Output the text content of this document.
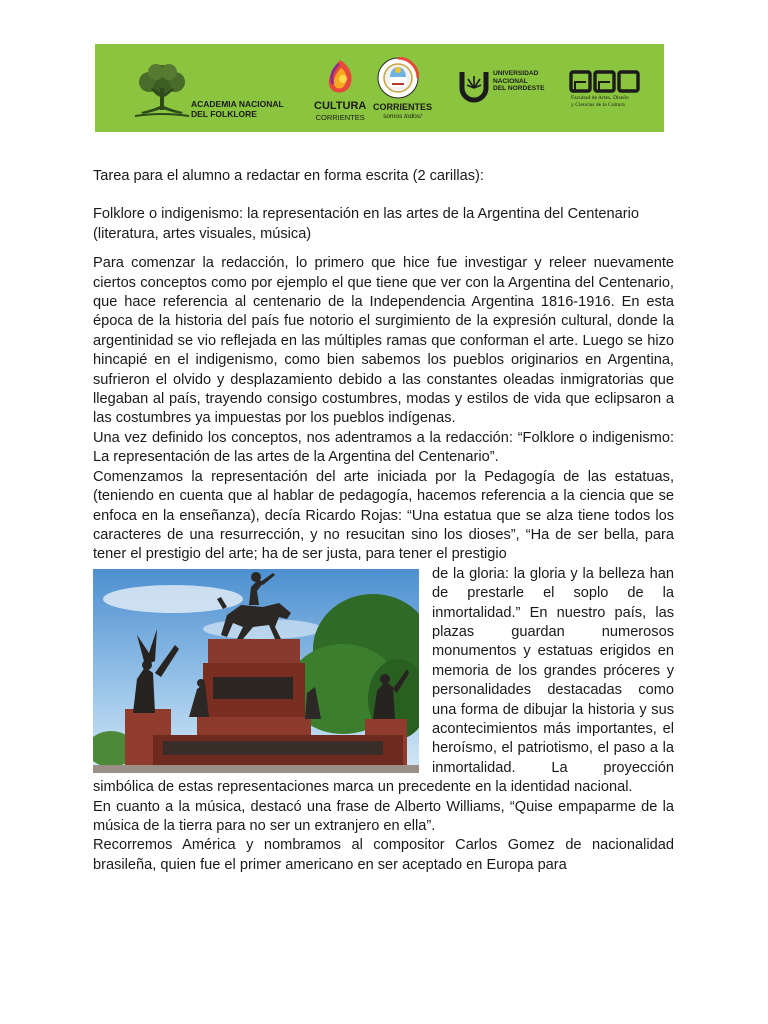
ACADEMIA NACIONAL
DEL FOLKLORE
CULTURA
CORRIENTES
CORRIENTES
somos todos!
UNIVERSIDAD
NACIONAL
DEL NORDESTE
Facultad de Artes, Diseño
y Ciencias de la Cultura

Tarea para el alumno a redactar en forma escrita (2 carillas):

Folklore o indigenismo: la representación en las artes de la Argentina del Centenario (literatura, artes visuales, música)

Para comenzar la redacción, lo primero que hice fue investigar y releer nuevamente ciertos conceptos como por ejemplo el que tiene que ver con la Argentina del Centenario, que hace referencia al centenario de la Independencia Argentina 1816-1916. En esta época de la historia del país fue notorio el surgimiento de la expresión cultural, donde la argentinidad se vio reflejada en las múltiples ramas que conforman el arte. Luego se hizo hincapié en el indigenismo, como bien sabemos los pueblos originarios en Argentina, sufrieron el olvido y desplazamiento debido a las constantes oleadas inmigratorias que llegaban al país, trayendo consigo costumbres, modas y estilos de vida que eclipsaron a las costumbres ya impuestas por los pueblos indígenas.

Una vez definido los conceptos, nos adentramos a la redacción: “Folklore o indigenismo: La representación de las artes de la Argentina del Centenario”.

Comenzamos la representación del arte iniciada por la Pedagogía de las estatuas, (teniendo en cuenta que al hablar de pedagogía, hacemos referencia a la ciencia que se enfoca en la enseñanza), decía Ricardo Rojas: “Una estatua que se alza tiene todos los caracteres de una resurrección, y no resucitan sino los dioses”, “Ha de ser bella, para tener el prestigio del arte; ha de ser justa, para tener el prestigio

de la gloria: la gloria y la belleza han de prestarle el soplo de la inmortalidad.” En nuestro país, las plazas guardan numerosos monumentos y estatuas erigidos en memoria de los grandes próceres y personalidades destacadas como una forma de dibujar la historia y sus acontecimientos más importantes, el heroísmo, el patriotismo, el paso a la inmortalidad. La proyección simbólica de estas representaciones marca un precedente en la identidad nacional.

En cuanto a la música, destacó una frase de Alberto Williams, “Quise empaparme de la música de la tierra para no ser un extranjero en ella”.

Recorremos América y nombramos al compositor Carlos Gomez de nacionalidad brasileña, quien fue el primer americano en ser aceptado en Europa para
